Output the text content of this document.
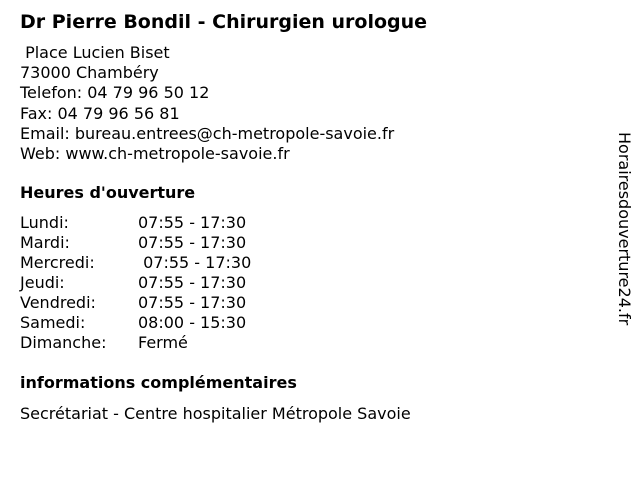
Dr Pierre Bondil - Chirurgien urologue
Place Lucien Biset
73000 Chambéry
Telefon: 04 79 96 50 12
Fax: 04 79 96 56 81
Email: bureau.entrees@ch-metropole-savoie.fr
Web: www.ch-metropole-savoie.fr
Heures d'ouverture
Lundi:	07:55 - 17:30
Mardi:	07:55 - 17:30
Mercredi:	07:55 - 17:30
Jeudi:	07:55 - 17:30
Vendredi:	07:55 - 17:30
Samedi:	08:00 - 15:30
Dimanche:	Fermé
informations complémentaires
Secrétariat - Centre hospitalier Métropole Savoie
Horairesdouverture24.fr
